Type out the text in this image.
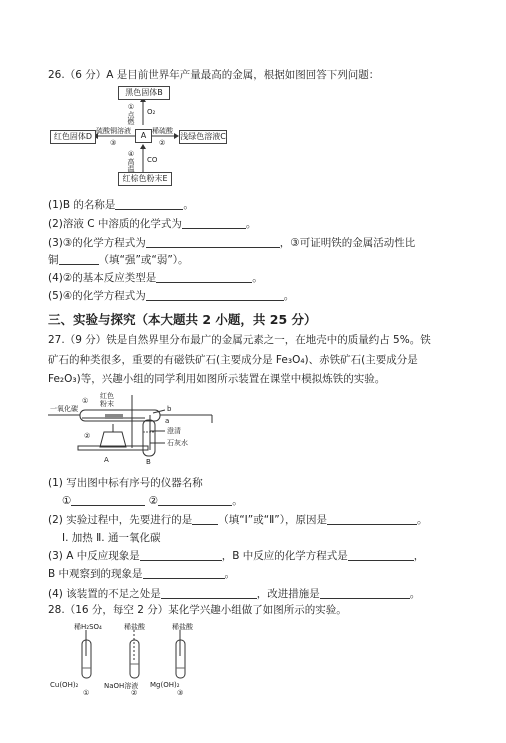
26.（6 分）A 是目前世界年产量最高的金属，根据如图回答下列问题：
黑色固体B
红色固体D	A	浅绿色溶液C
红棕色粉末E
①点燃 O₂
硫酸铜溶液
③
稀硫酸
②
④高温 CO
(1)B 的名称是	。
(2)溶液 C 中溶质的化学式为	。
(3)③的化学方程式为	，③可证明铁的金属活动性比
铜	（填“强”或“弱”）。
(4)②的基本反应类型是	。
(5)④的化学方程式为	。
三、实验与探究（本大题共 2 小题，共 25 分）
27.（9 分）铁是自然界里分布最广的金属元素之一，在地壳中的质量约占 5%。铁
矿石的种类很多，重要的有磁铁矿石(主要成分是 Fe₃O₄)、赤铁矿石(主要成分是
Fe₂O₃)等，兴趣小组的同学利用如图所示装置在课堂中模拟炼铁的实验。
一氧化碳
红色
粉末
①
②
b
a
澄清
石灰水
A	B
(1) 写出图中标有序号的仪器名称
①	②	。
(2) 实验过程中，先要进行的是 （填“Ⅰ”或“Ⅱ”），原因是	。
Ⅰ. 加热 Ⅱ. 通一氧化碳
(3) A 中反应现象是	，B 中反应的化学方程式是	，
B 中观察到的现象是	。
(4) 该装置的不足之处是	，改进措施是	。
28.（16 分，每空 2 分）某化学兴趣小组做了如图所示的实验。
稀H₂SO₄	稀盐酸	稀盐酸
Cu(OH)₂	NaOH溶液 Mg(OH)₂
①	②	③
